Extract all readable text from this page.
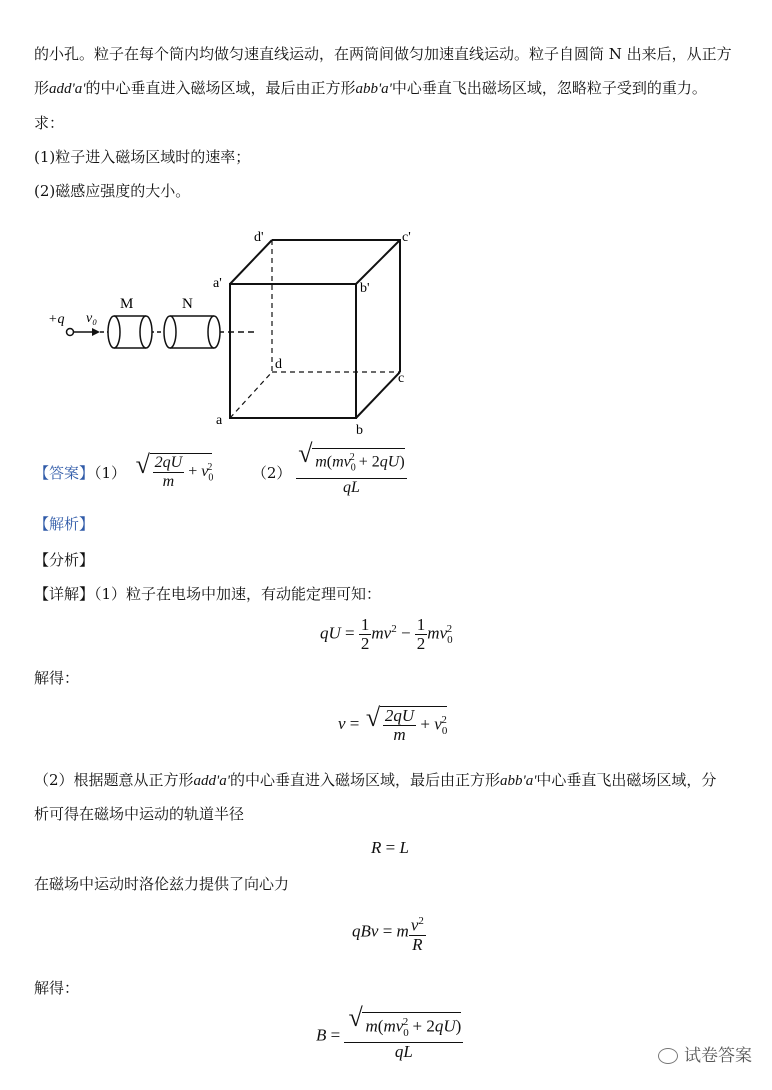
的小孔。粒子在每个筒内均做匀速直线运动，在两筒间做匀加速直线运动。粒子自圆筒 N 出来后，从正方
形add'a'的中心垂直进入磁场区域，最后由正方形abb'a'中心垂直飞出磁场区域，忽略粒子受到的重力。
求：
(1)粒子进入磁场区域时的速率；
(2)磁感应强度的大小。
d'	c'
a'	b'
d
c
a
b
+q v₀
M	N
【答案】（1） √ $\frac{2qU}{m} + v_0^2$	（2） √ $\frac{m(mv_0^2 + 2qU)}{qL}$
【解析】
【分析】
【详解】（1）粒子在电场中加速，有动能定理可知：
qU = $\frac{1}{2} mv^2 - \frac{1}{2} mv_0^2$
解得：
v = √ $\frac{2qU}{m} + v_0^2$
（2）根据题意从正方形add'a'的中心垂直进入磁场区域，最后由正方形abb'a'中心垂直飞出磁场区域，分
析可得在磁场中运动的轨道半径
R = L
在磁场中运动时洛伦兹力提供了向心力
qBv = m $\frac{v^2}{R}$
解得：
B = √ $\frac{m(mv_0^2 + 2qU)}{qL}$	试卷答案
